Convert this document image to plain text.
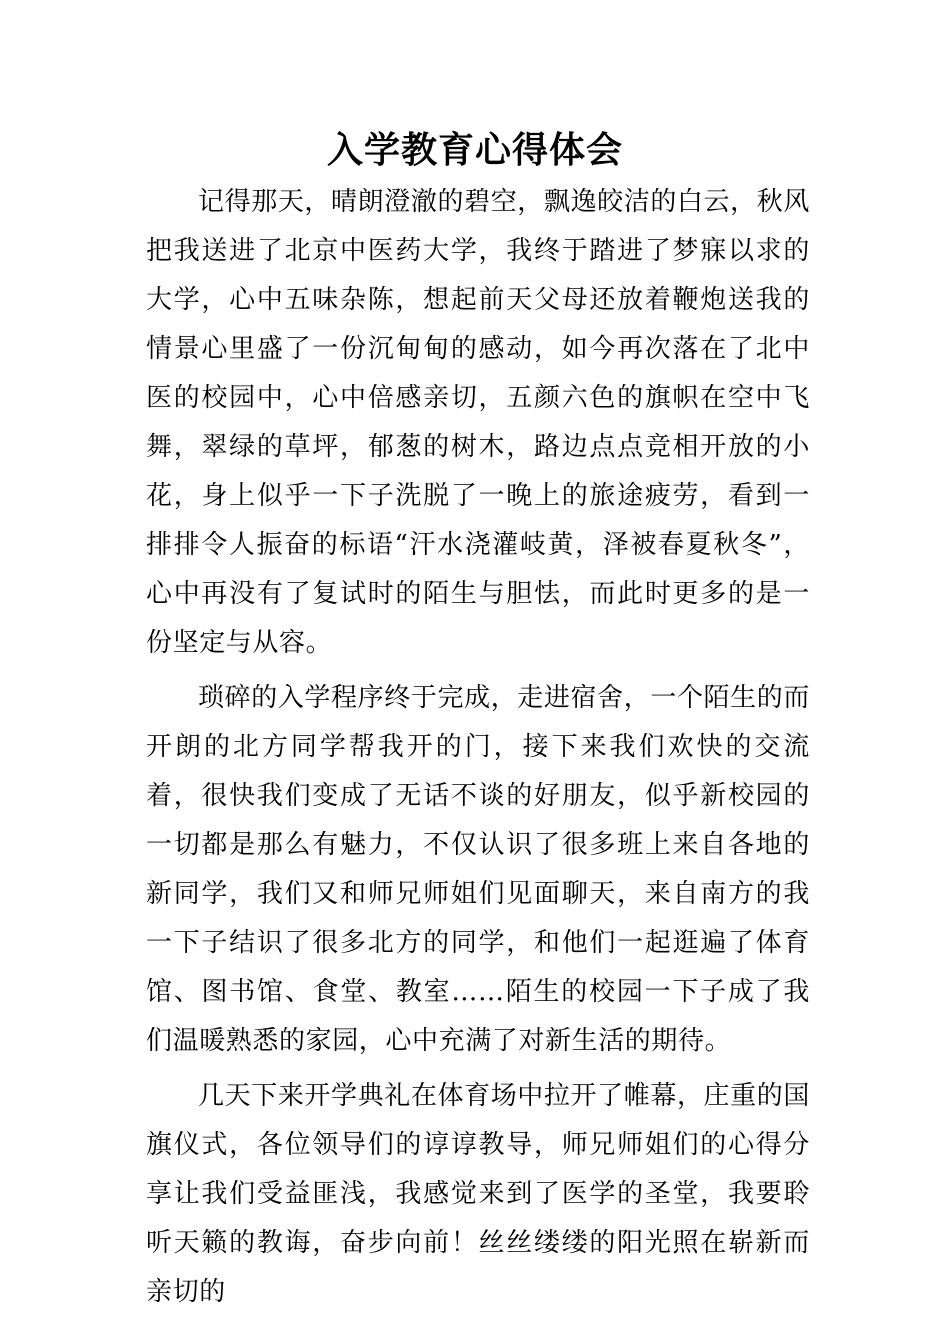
入学教育心得体会

记得那天，晴朗澄澈的碧空，飘逸皎洁的白云，秋风把我送进了北京中医药大学，我终于踏进了梦寐以求的大学，心中五味杂陈，想起前天父母还放着鞭炮送我的情景心里盛了一份沉甸甸的感动，如今再次落在了北中医的校园中，心中倍感亲切，五颜六色的旗帜在空中飞舞，翠绿的草坪，郁葱的树木，路边点点竞相开放的小花，身上似乎一下子洗脱了一晚上的旅途疲劳，看到一排排令人振奋的标语“汗水浇灌岐黄，泽被春夏秋冬”，心中再没有了复试时的陌生与胆怯，而此时更多的是一份坚定与从容。

琐碎的入学程序终于完成，走进宿舍，一个陌生的而开朗的北方同学帮我开的门，接下来我们欢快的交流着，很快我们变成了无话不谈的好朋友，似乎新校园的一切都是那么有魅力，不仅认识了很多班上来自各地的新同学，我们又和师兄师姐们见面聊天，来自南方的我一下子结识了很多北方的同学，和他们一起逛遍了体育馆、图书馆、食堂、教室……陌生的校园一下子成了我们温暖熟悉的家园，心中充满了对新生活的期待。

几天下来开学典礼在体育场中拉开了帷幕，庄重的国旗仪式，各位领导们的谆谆教导，师兄师姐们的心得分享让我们受益匪浅，我感觉来到了医学的圣堂，我要聆听天籁的教诲，奋步向前！丝丝缕缕的阳光照在崭新而亲切的
